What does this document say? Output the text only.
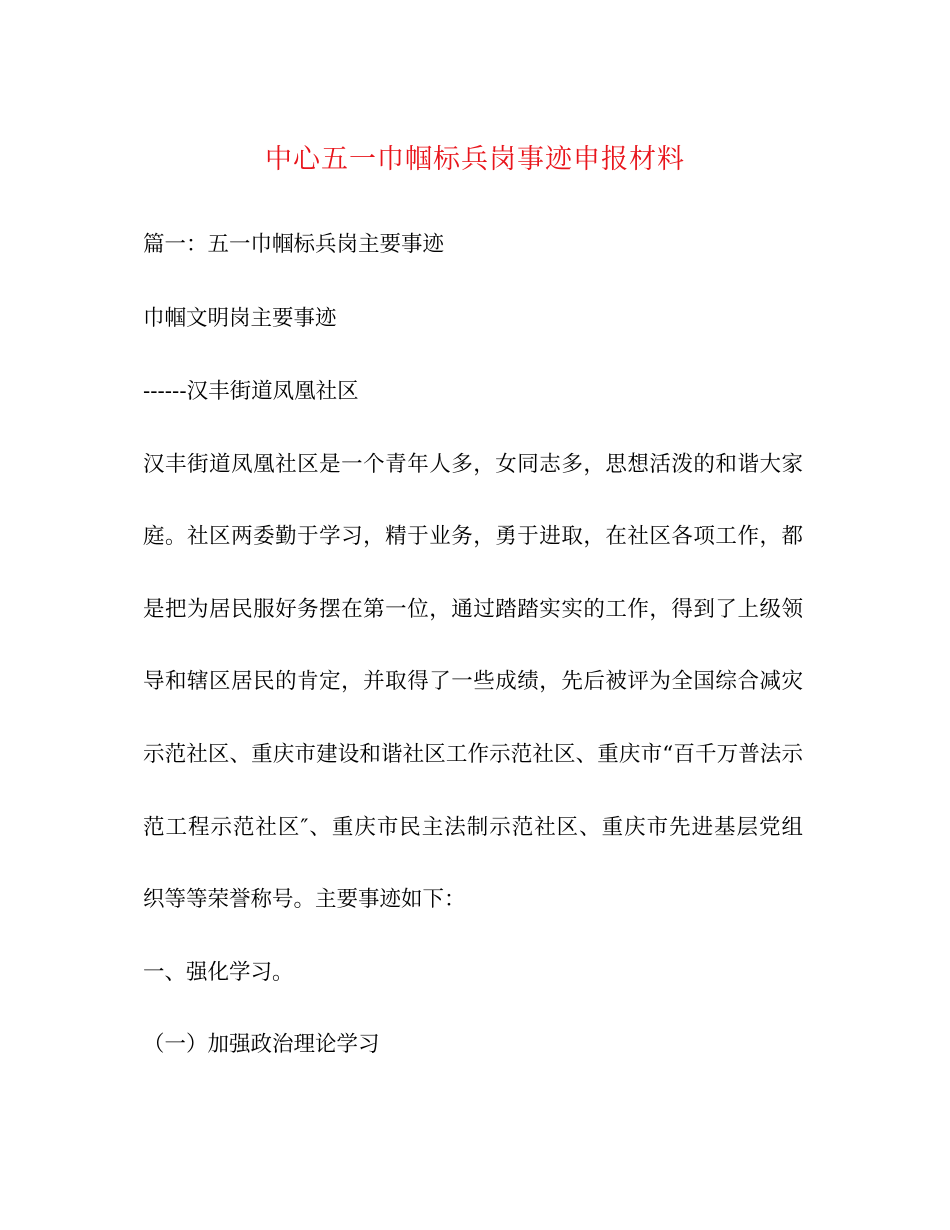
中心五一巾帼标兵岗事迹申报材料
篇一：五一巾帼标兵岗主要事迹
巾帼文明岗主要事迹
------汉丰街道凤凰社区
汉丰街道凤凰社区是一个青年人多，女同志多，思想活泼的和谐大家
庭。社区两委勤于学习，精于业务，勇于进取，在社区各项工作，都
是把为居民服好务摆在第一位，通过踏踏实实的工作，得到了上级领
导和辖区居民的肯定，并取得了一些成绩，先后被评为全国综合减灾
示范社区、重庆市建设和谐社区工作示范社区、重庆市“百千万普法示
范工程示范社区″、重庆市民主法制示范社区、重庆市先进基层党组
织等等荣誉称号。主要事迹如下：
一、强化学习。
（一）加强政治理论学习
